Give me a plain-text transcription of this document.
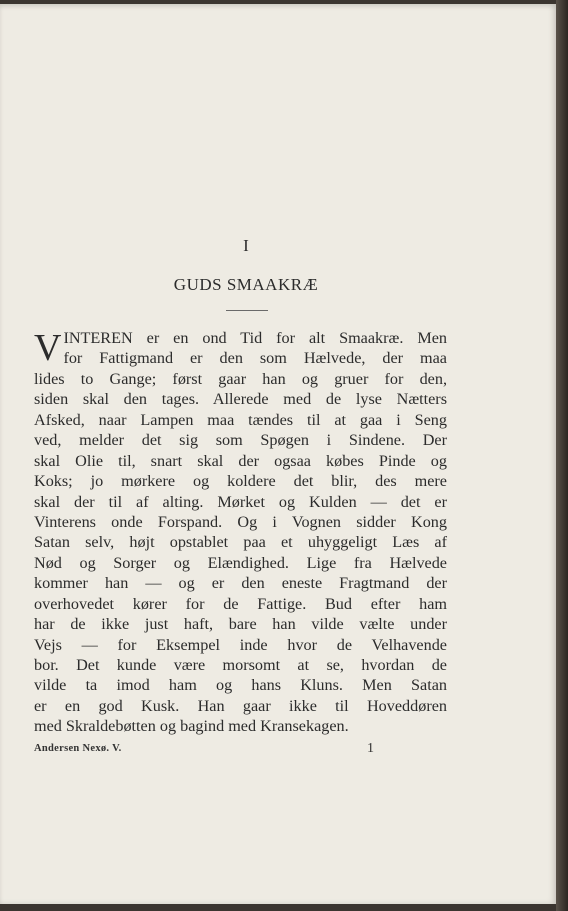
I
GUDS SMAAKRÆ
V INTEREN er en ond Tid for alt Smaakræ. Men
for Fattigmand er den som Hælvede, der maa
lides to Gange; først gaar han og gruer for den,
siden skal den tages. Allerede med de lyse Nætters
Afsked, naar Lampen maa tændes til at gaa i Seng
ved, melder det sig som Spøgen i Sindene. Der
skal Olie til, snart skal der ogsaa købes Pinde og
Koks; jo mørkere og koldere det blir, des mere
skal der til af alting. Mørket og Kulden — det er
Vinterens onde Forspand. Og i Vognen sidder Kong
Satan selv, højt opstablet paa et uhyggeligt Læs af
Nød og Sorger og Elændighed. Lige fra Hælvede
kommer han — og er den eneste Fragtmand der
overhovedet kører for de Fattige. Bud efter ham
har de ikke just haft, bare han vilde vælte under
Vejs — for Eksempel inde hvor de Velhavende
bor. Det kunde være morsomt at se, hvordan de
vilde ta imod ham og hans Kluns. Men Satan
er en god Kusk. Han gaar ikke til Hoveddøren
med Skraldebøtten og bagind med Kransekagen.
Andersen Nexø. V.	1
